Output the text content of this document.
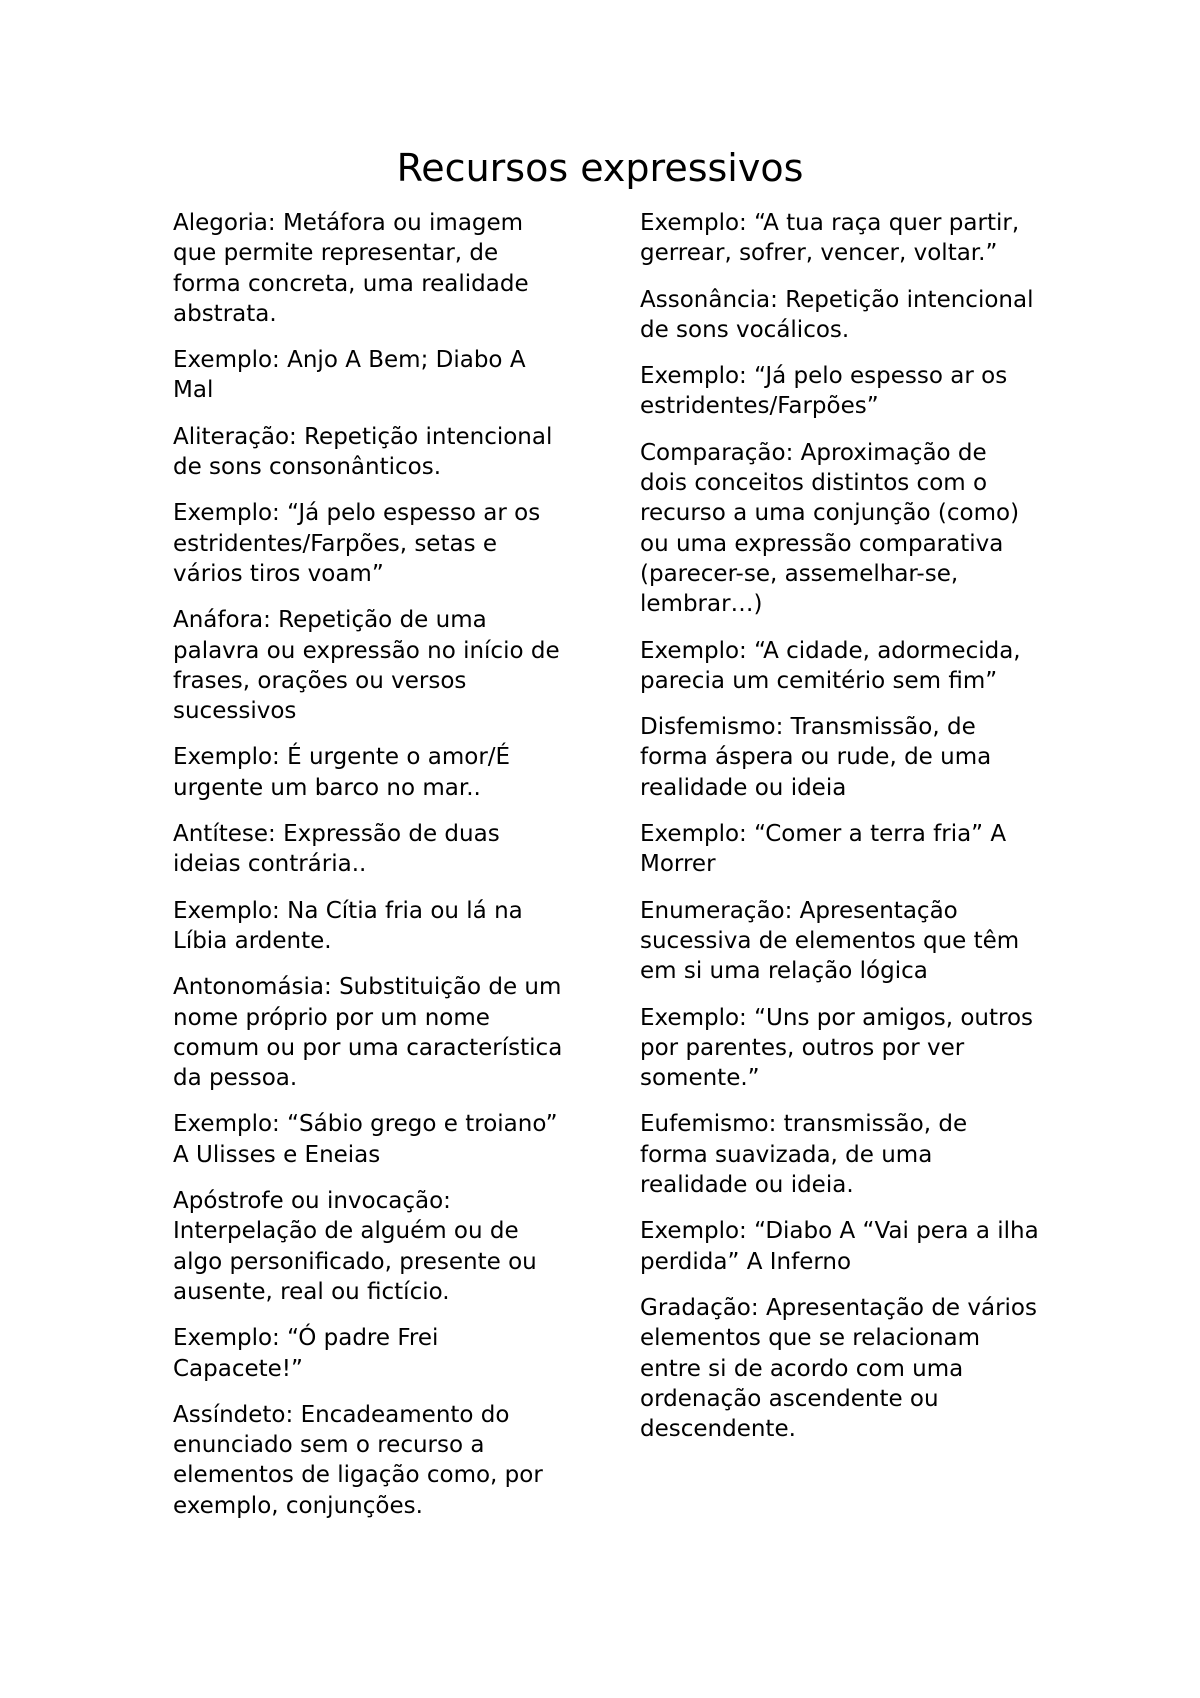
Recursos expressivos

Alegoria: Metáfora ou imagem que permite representar, de forma concreta, uma realidade abstrata.

Exemplo: Anjo A Bem; Diabo A Mal

Aliteração: Repetição intencional de sons consonânticos.

Exemplo: “Já pelo espesso ar os estridentes/Farpões, setas e vários tiros voam”

Anáfora: Repetição de uma palavra ou expressão no início de frases, orações ou versos sucessivos

Exemplo: É urgente o amor/É urgente um barco no mar..

Antítese: Expressão de duas ideias contrária..

Exemplo: Na Cítia fria ou lá na Líbia ardente.

Antonomásia: Substituição de um nome próprio por um nome comum ou por uma característica da pessoa.

Exemplo: “Sábio grego e troiano” A Ulisses e Eneias

Apóstrofe ou invocação: Interpelação de alguém ou de algo personificado, presente ou ausente, real ou fictício.

Exemplo: “Ó padre Frei Capacete!”

Assíndeto: Encadeamento do enunciado sem o recurso a elementos de ligação como, por exemplo, conjunções.

Exemplo: “A tua raça quer partir, gerrear, sofrer, vencer, voltar.”

Assonância: Repetição intencional de sons vocálicos.

Exemplo: “Já pelo espesso ar os estridentes/Farpões”

Comparação: Aproximação de dois conceitos distintos com o recurso a uma conjunção (como) ou uma expressão comparativa (parecer-se, assemelhar-se, lembrar…)

Exemplo: “A cidade, adormecida, parecia um cemitério sem fim”

Disfemismo: Transmissão, de forma áspera ou rude, de uma realidade ou ideia

Exemplo: “Comer a terra fria” A Morrer

Enumeração: Apresentação sucessiva de elementos que têm em si uma relação lógica

Exemplo: “Uns por amigos, outros por parentes, outros por ver somente.”

Eufemismo: transmissão, de forma suavizada, de uma realidade ou ideia.

Exemplo: “Diabo A “Vai pera a ilha perdida” A Inferno

Gradação: Apresentação de vários elementos que se relacionam entre si de acordo com uma ordenação ascendente ou descendente.
